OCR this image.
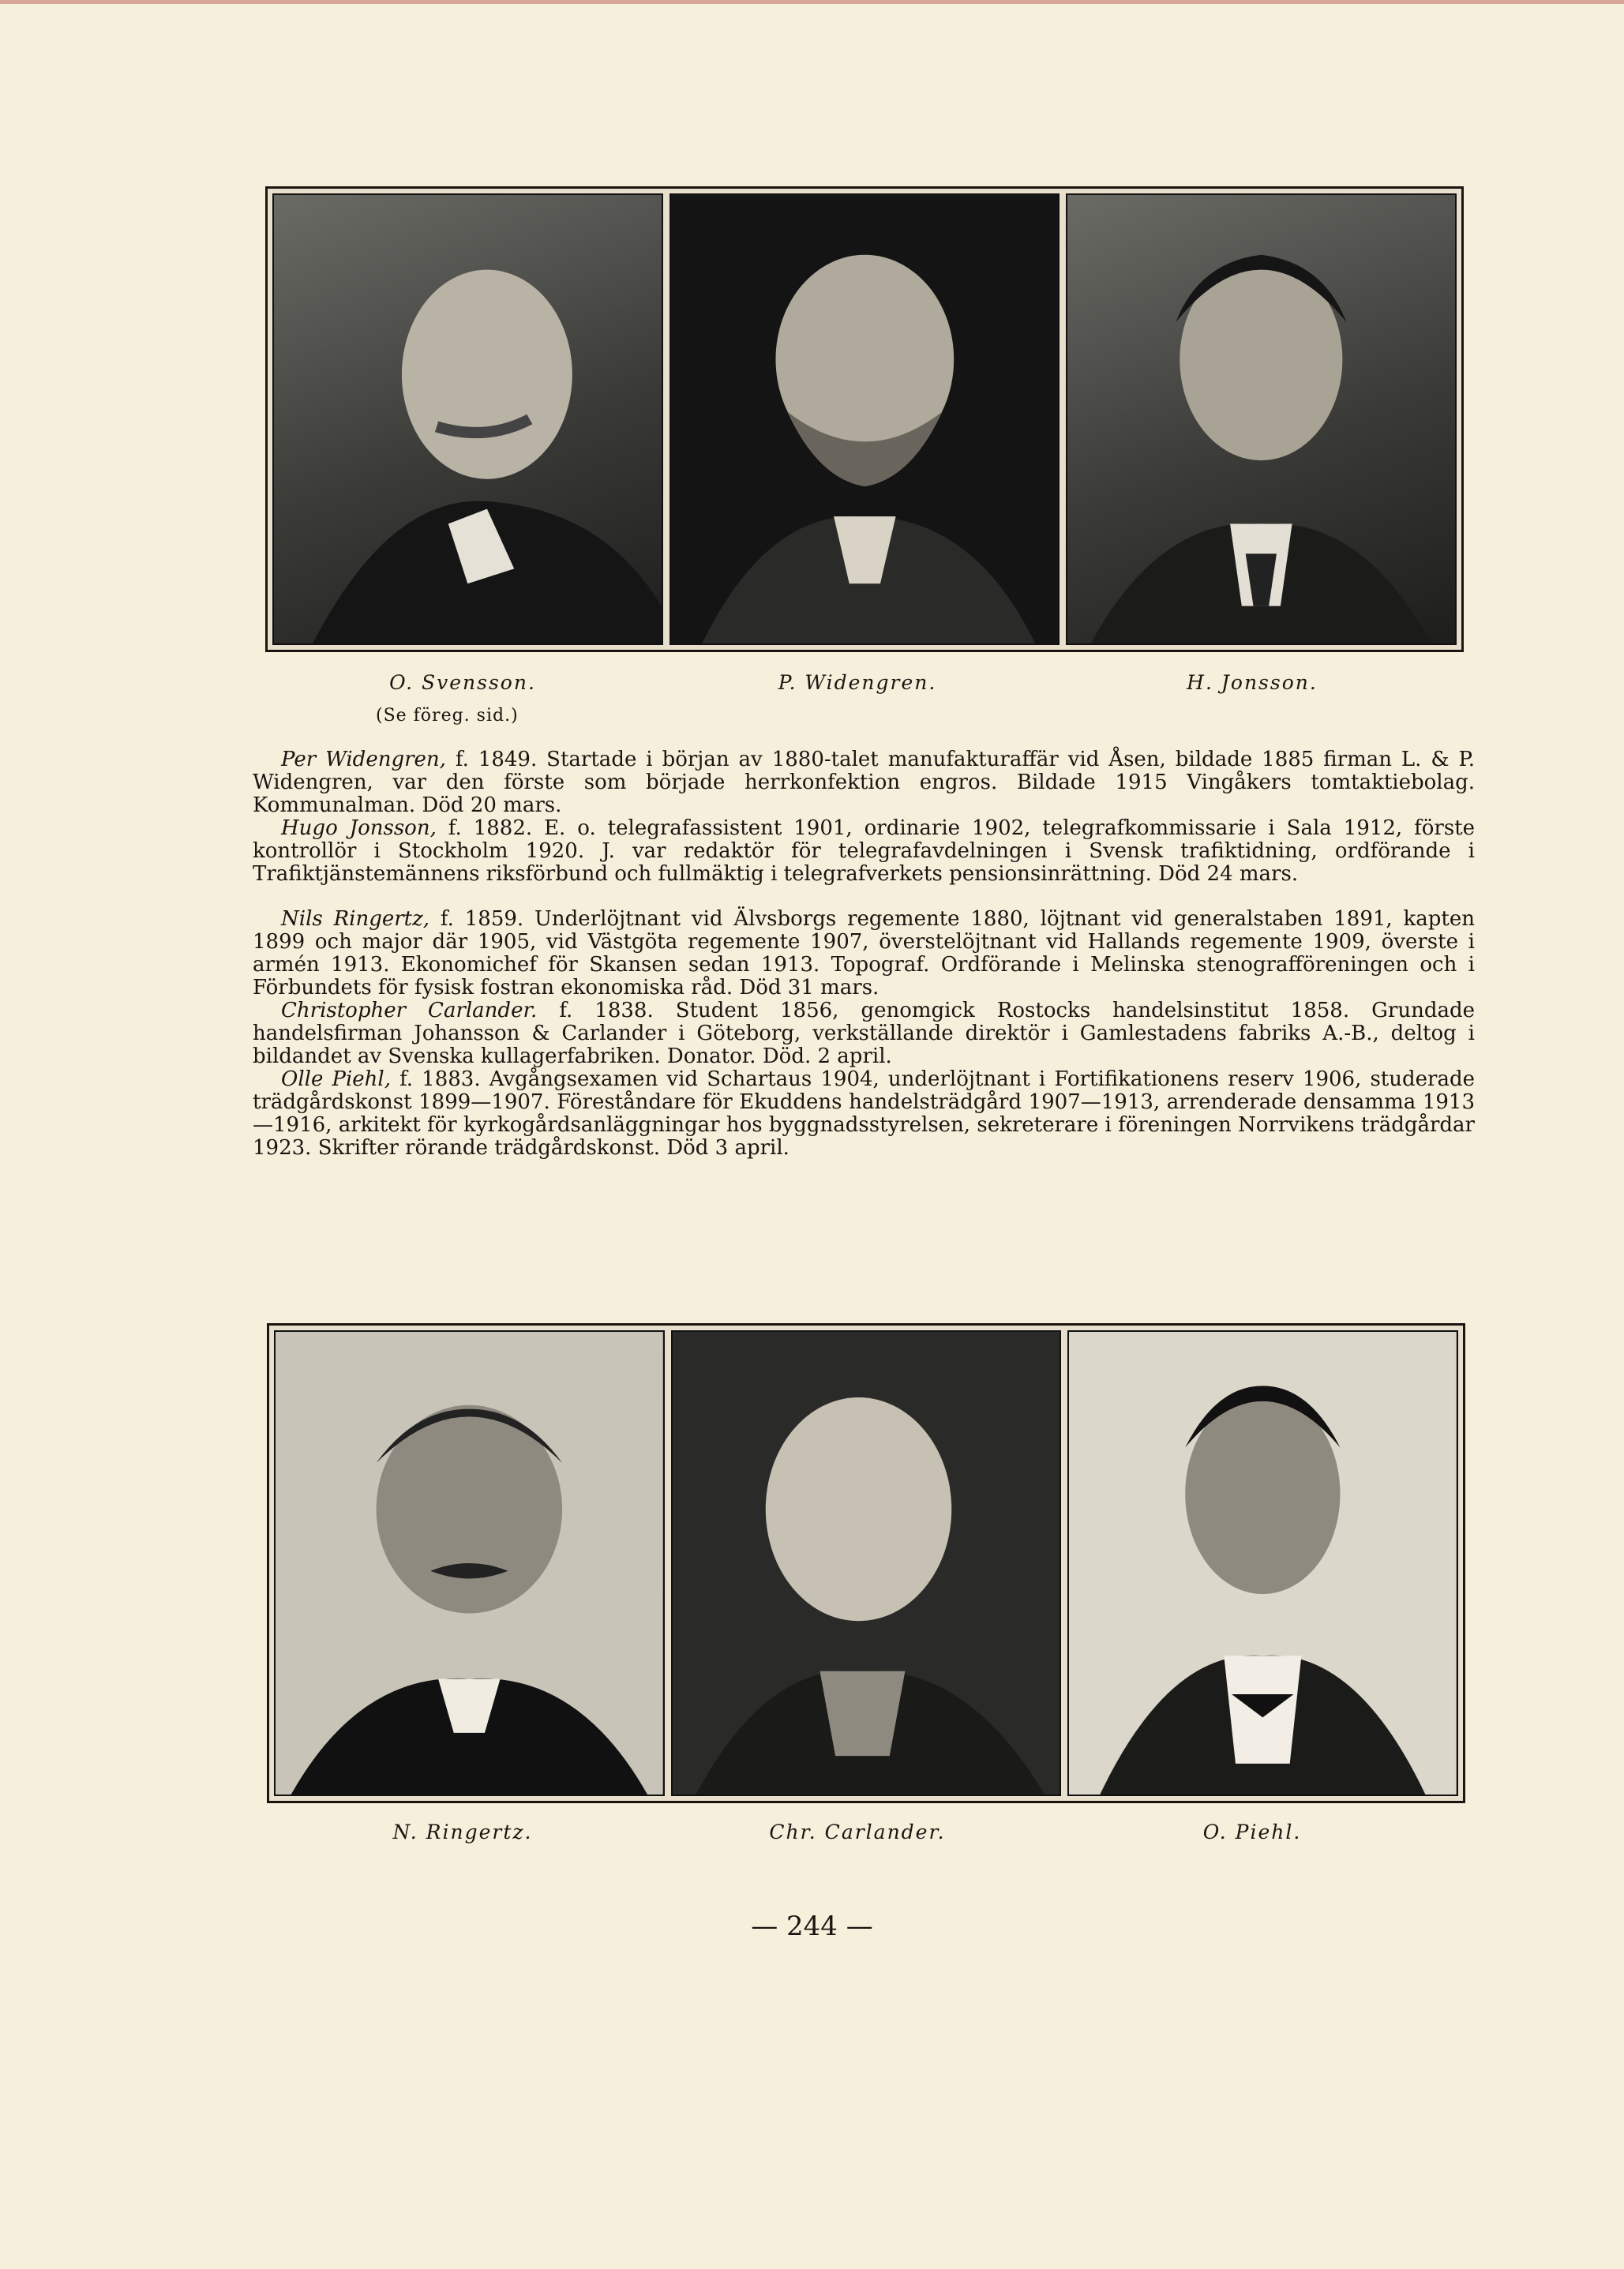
O. Svensson.	P. Widengren.	H. Jonsson.
(Se föreg. sid.)

Per Widengren, f. 1849. Startade i början av 1880-talet manufakturaffär vid Åsen, bildade 1885 firman L. & P. Widengren, var den förste som började herrkonfektion engros. Bildade 1915 Vingåkers tomtaktiebolag. Kommunalman. Död 20 mars.

Hugo Jonsson, f. 1882. E. o. telegrafassistent 1901, ordinarie 1902, telegrafkommissarie i Sala 1912, förste kontrollör i Stockholm 1920. J. var redaktör för telegrafavdelningen i Svensk trafiktidning, ordförande i Trafiktjänstemännens riksförbund och fullmäktig i telegrafverkets pensionsinrättning. Död 24 mars.

Nils Ringertz, f. 1859. Underlöjtnant vid Älvsborgs regemente 1880, löjtnant vid generalstaben 1891, kapten 1899 och major där 1905, vid Västgöta regemente 1907, överstelöjtnant vid Hallands regemente 1909, överste i armén 1913. Ekonomichef för Skansen sedan 1913. Topograf. Ordförande i Melinska stenografföreningen och i Förbundets för fysisk fostran ekonomiska råd. Död 31 mars.

Christopher Carlander. f. 1838. Student 1856, genomgick Rostocks handelsinstitut 1858. Grundade handelsfirman Johansson & Carlander i Göteborg, verkställande direktör i Gamlestadens fabriks A.-B., deltog i bildandet av Svenska kullagerfabriken. Donator. Död. 2 april.

Olle Piehl, f. 1883. Avgångsexamen vid Schartaus 1904, underlöjtnant i Fortifikationens reserv 1906, studerade trädgårdskonst 1899—1907. Föreståndare för Ekuddens handelsträdgård 1907—1913, arrenderade densamma 1913—1916, arkitekt för kyrkogårdsanläggningar hos byggnadsstyrelsen, sekreterare i föreningen Norrvikens trädgårdar 1923. Skrifter rörande trädgårdskonst. Död 3 april.

N. Ringertz.	Chr. Carlander.	O. Piehl.
— 244 —
